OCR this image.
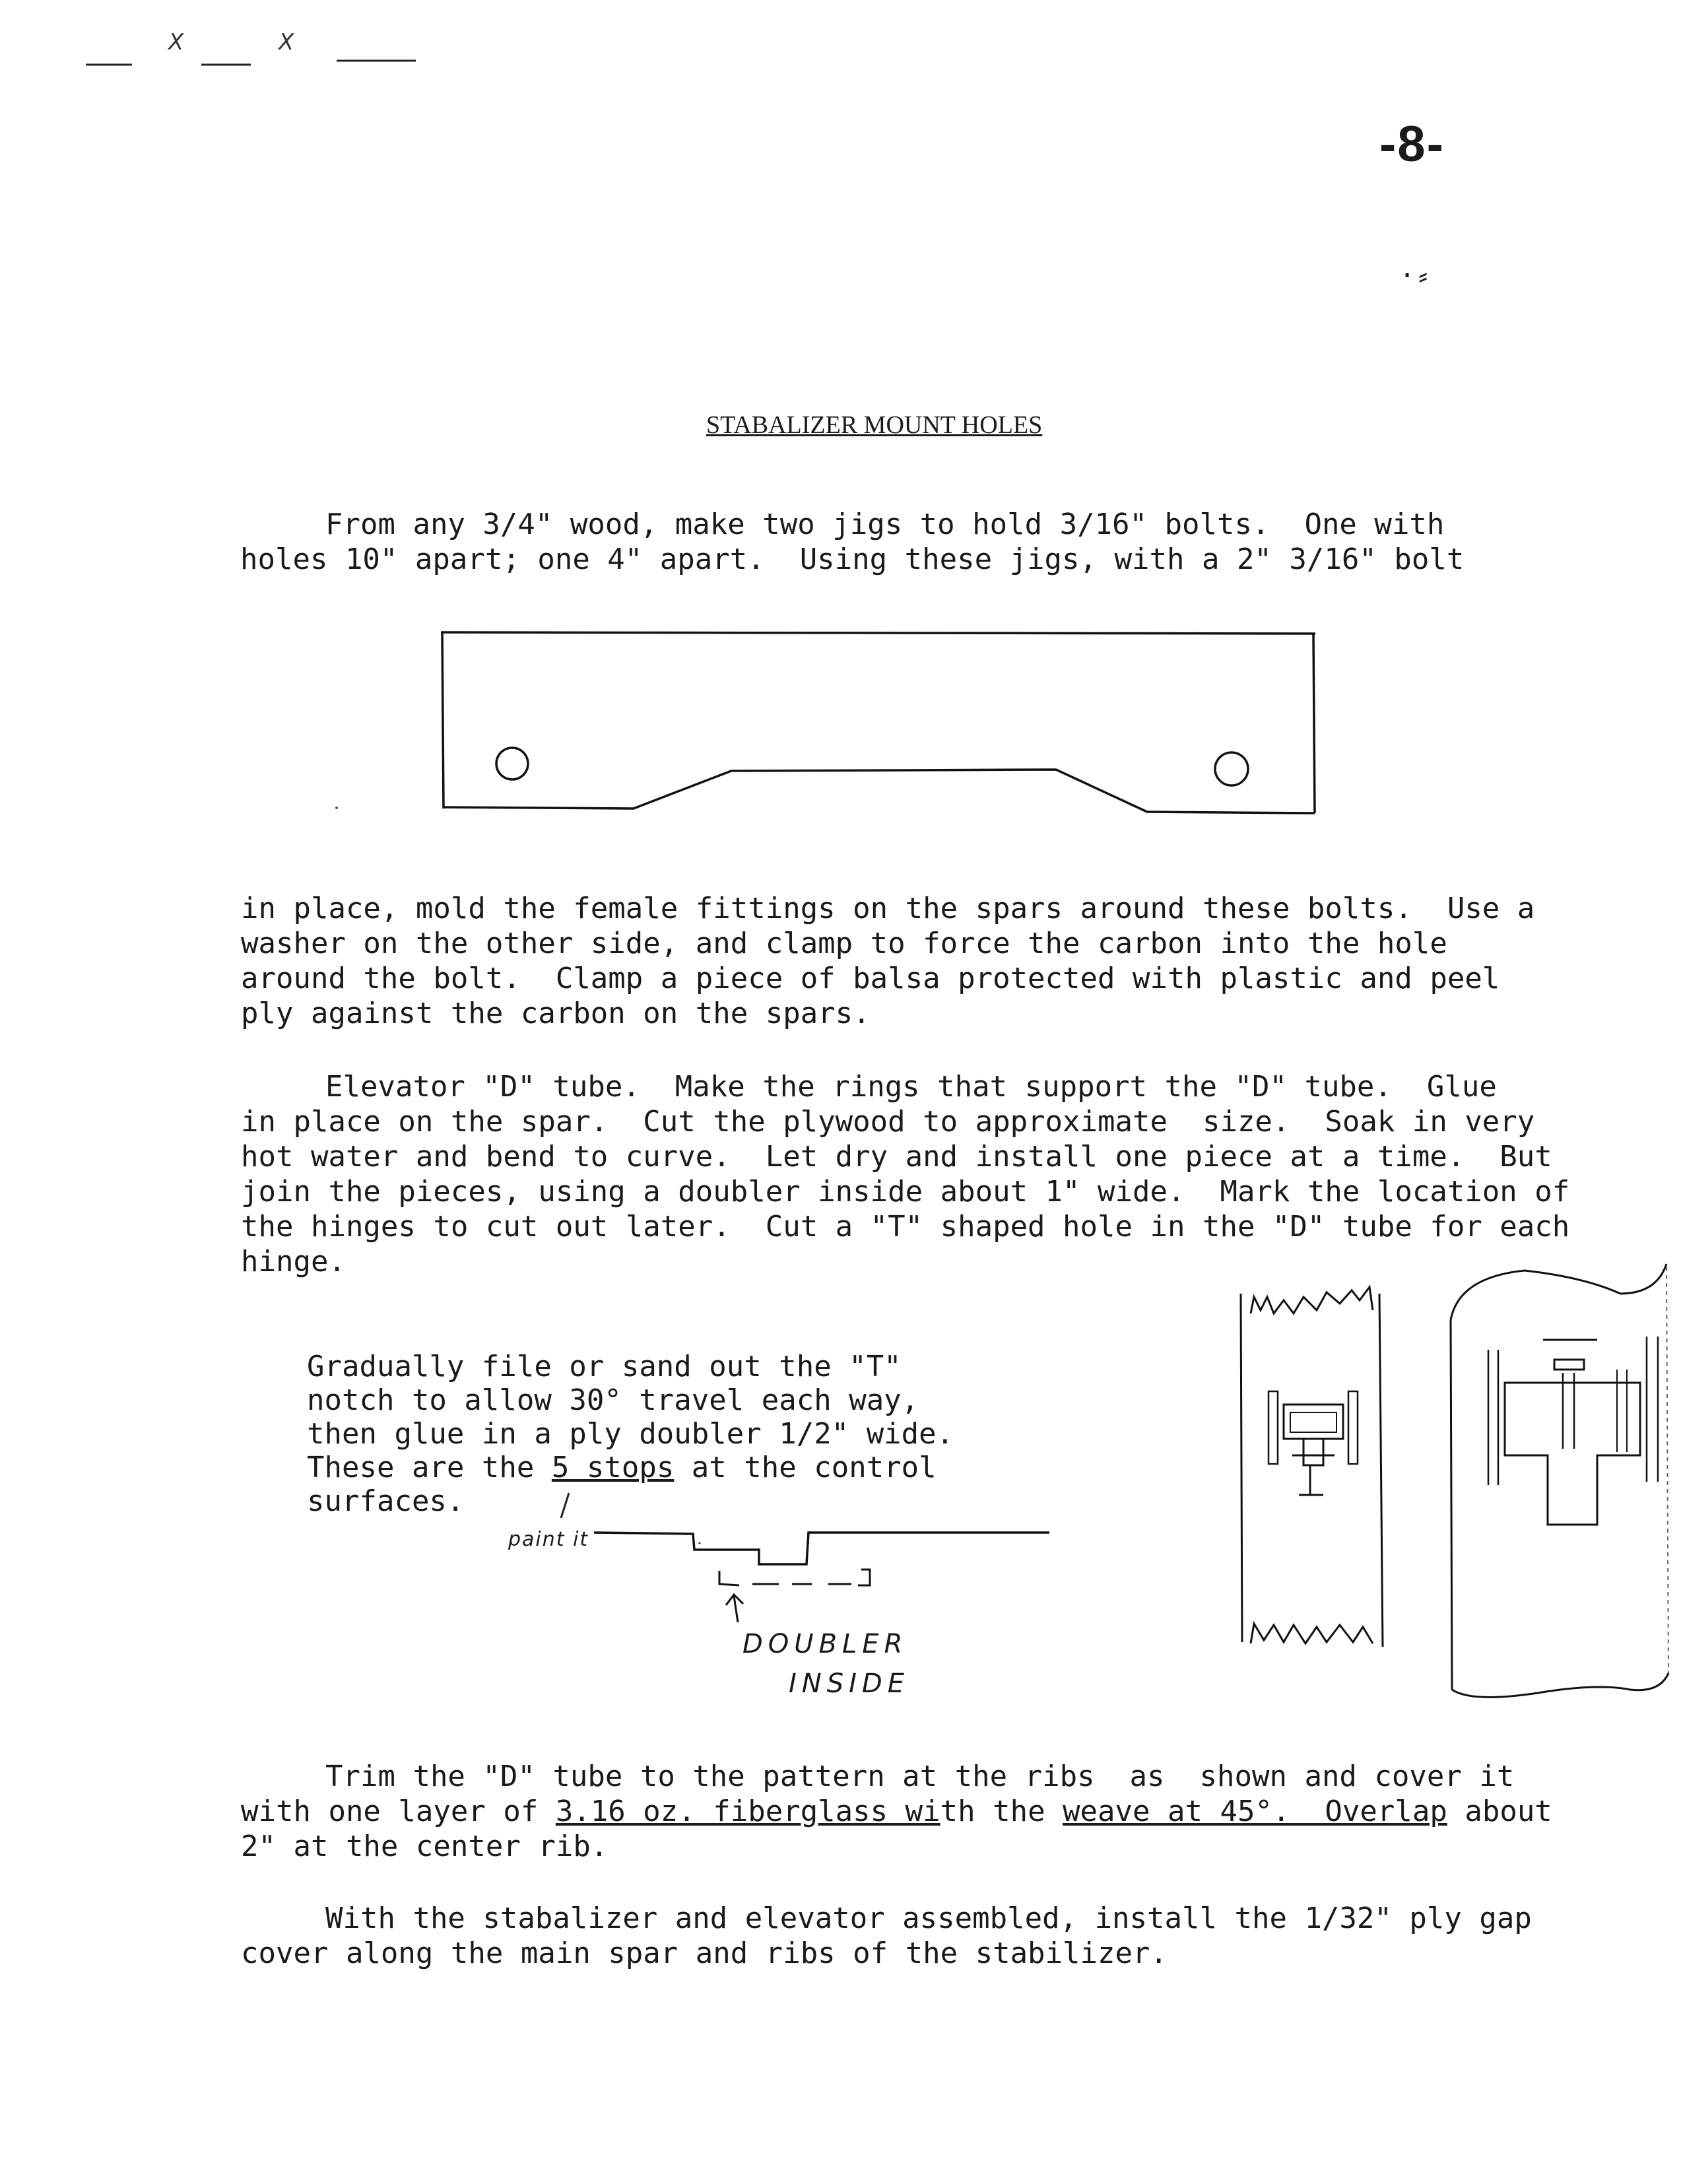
X	X
-8-
·⸗
STABALIZER MOUNT HOLES
From any 3/4" wood, make two jigs to hold 3/16" bolts.  One with
holes 10" apart; one 4" apart.  Using these jigs, with a 2" 3/16" bolt
in place, mold the female fittings on the spars around these bolts.  Use a
washer on the other side, and clamp to force the carbon into the hole
around the bolt.  Clamp a piece of balsa protected with plastic and peel
ply against the carbon on the spars.
Elevator "D" tube.  Make the rings that support the "D" tube.  Glue
in place on the spar.  Cut the plywood to approximate  size.  Soak in very
hot water and bend to curve.  Let dry and install one piece at a time.  But
join the pieces, using a doubler inside about 1" wide.  Mark the location of
the hinges to cut out later.  Cut a "T" shaped hole in the "D" tube for each
hinge.
Gradually file or sand out the "T"
notch to allow 30° travel each way,
then glue in a ply doubler 1/2" wide.
These are the 5 stops at the control
surfaces.
paint it
DOUBLER
INSIDE
Trim the "D" tube to the pattern at the ribs  as  shown and cover it
with one layer of 3.16 oz. fiberglass with the weave at 45°.  Overlap about
2" at the center rib.
With the stabalizer and elevator assembled, install the 1/32" ply gap
cover along the main spar and ribs of the stabilizer.
